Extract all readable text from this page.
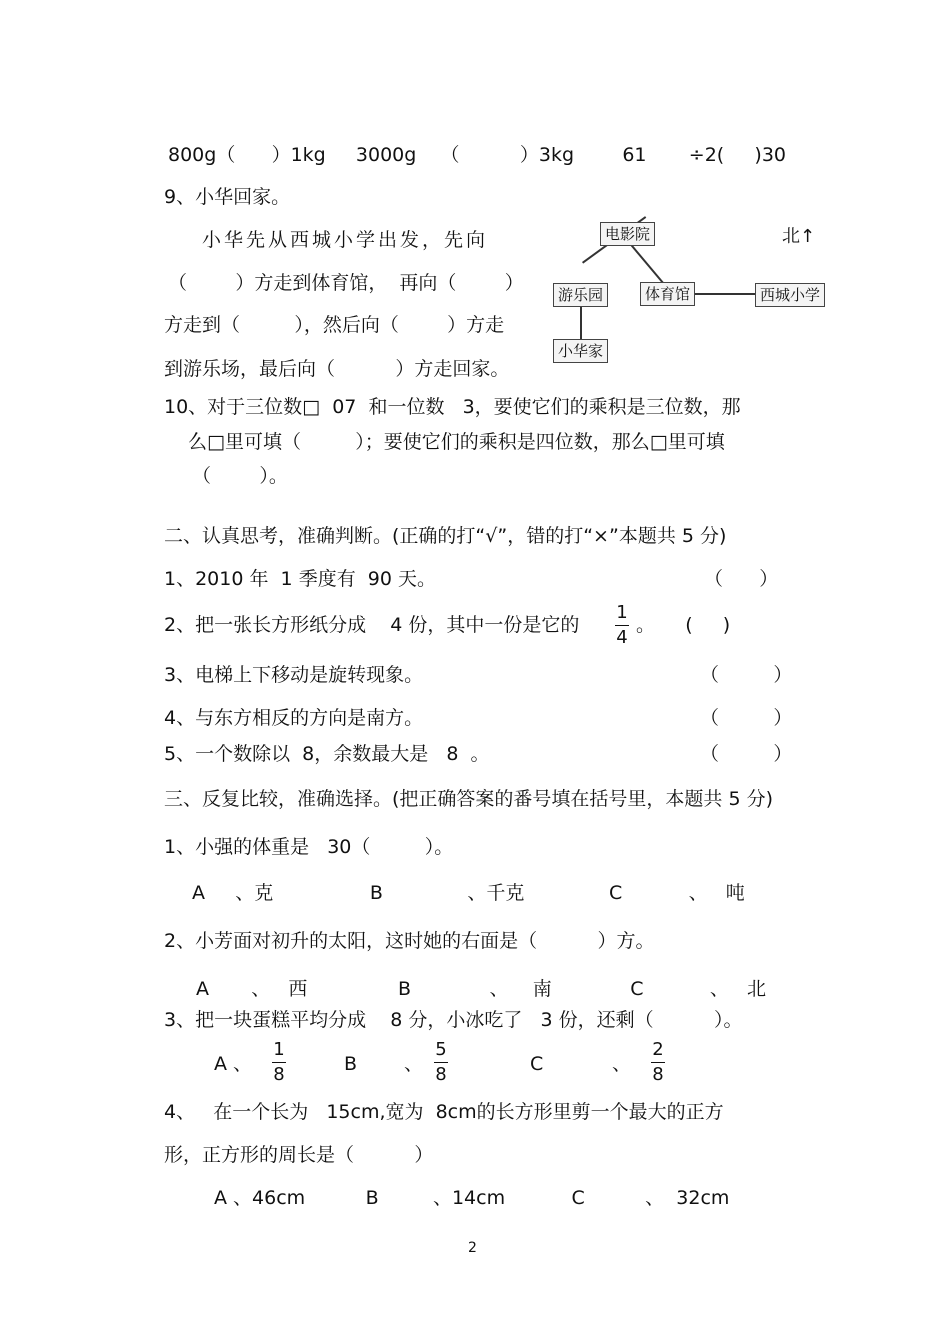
800g（      ）1kg     3000g    （          ）3kg        61       ÷2(     )30
9、小华回家。
小华先从西城小学出发，先向
（        ）方走到体育馆，  再向（        ）
方走到（         ），然后向（        ）方走
到游乐场，最后向（          ）方走回家。
电影院
游乐园	体育馆	西城小学
小华家
北↑
10、对于三位数□  07  和一位数   3，要使它们的乘积是三位数，那
么□里可填（         ）；要使它们的乘积是四位数，那么□里可填
（        ）。
二、认真思考，准确判断。(正确的打“√”，错的打“×”本题共 5 分)
1、2010 年  1 季度有  90 天。	（      ）
2、把一张长方形纸分成    4 份，其中一份是它的
1
4
。     (     )
3、电梯上下移动是旋转现象。	（         ）
4、与东方相反的方向是南方。	（         ）
5、一个数除以  8，余数最大是   8  。	（         ）
三、反复比较，准确选择。(把正确答案的番号填在括号里，本题共 5 分)
1、小强的体重是   30（         ）。
A     、克                B              、千克              C           、   吨
2、小芳面对初升的太阳，这时她的右面是（          ）方。
A       、   西               B             、    南             C           、   北
3、把一块蛋糕平均分成    8 分，小冰吃了   3 份，还剩（          ）。
A 、
1
8	B 、
5
8	C	、
2
8
4、   在一个长为   15cm,宽为  8cm的长方形里剪一个最大的正方
形，正方形的周长是（          ）
A 、46cm          B         、14cm           C          、  32cm
2
